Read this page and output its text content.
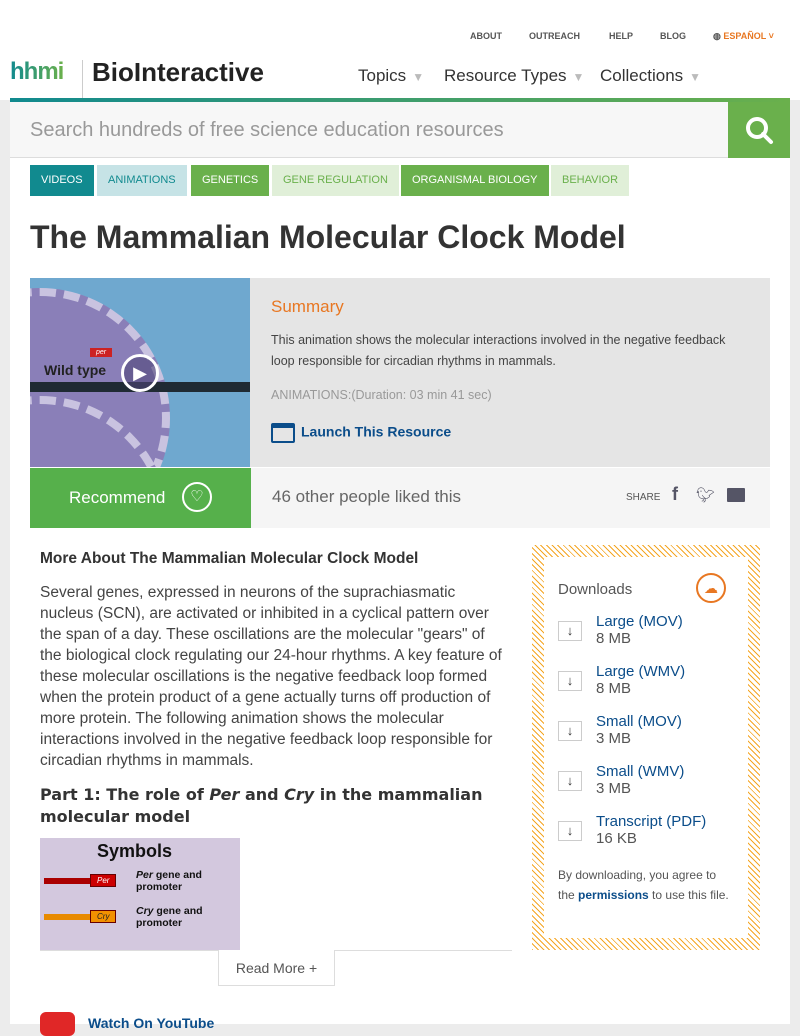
ABOUT	OUTREACH	HELP	BLOG	◍ ESPAÑOL ˅
hhmi BioInteractive	Topics ▼ Resource Types ▼ Collections ▼
Search hundreds of free science education resources
VIDEOS	ANIMATIONS	GENETICS	GENE REGULATION	ORGANISMAL BIOLOGY	BEHAVIOR
The Mammalian Molecular Clock Model
per
Wild type	▶
Summary
This animation shows the molecular interactions involved in the negative feedback loop responsible for circadian rhythms in mammals.
ANIMATIONS:(Duration: 03 min 41 sec)
Launch This Resource
Recommend	♡	46 other people liked this	SHARE f 🐦︎
More About The Mammalian Molecular Clock Model
Several genes, expressed in neurons of the suprachiasmatic nucleus (SCN), are activated or inhibited in a cyclical pattern over the span of a day. These oscillations are the molecular "gears" of the biological clock regulating our 24-hour rhythms. A key feature of these molecular oscillations is the negative feedback loop formed when the protein product of a gene actually turns off production of more protein. The following animation shows the molecular interactions involved in the negative feedback loop responsible for circadian rhythms in mammals.
Part 1: The role of Per and Cry in the mammalian molecular model
Symbols
Per	Per gene and promoter
Cry	Cry gene and promoter
Read More +
Watch On YouTube
Downloads	☁
↓
Large (MOV)
8 MB
↓
Large (WMV)
8 MB
↓
Small (MOV)
3 MB
↓
Small (WMV)
3 MB
↓
Transcript (PDF)
16 KB
By downloading, you agree to the permissions to use this file.
